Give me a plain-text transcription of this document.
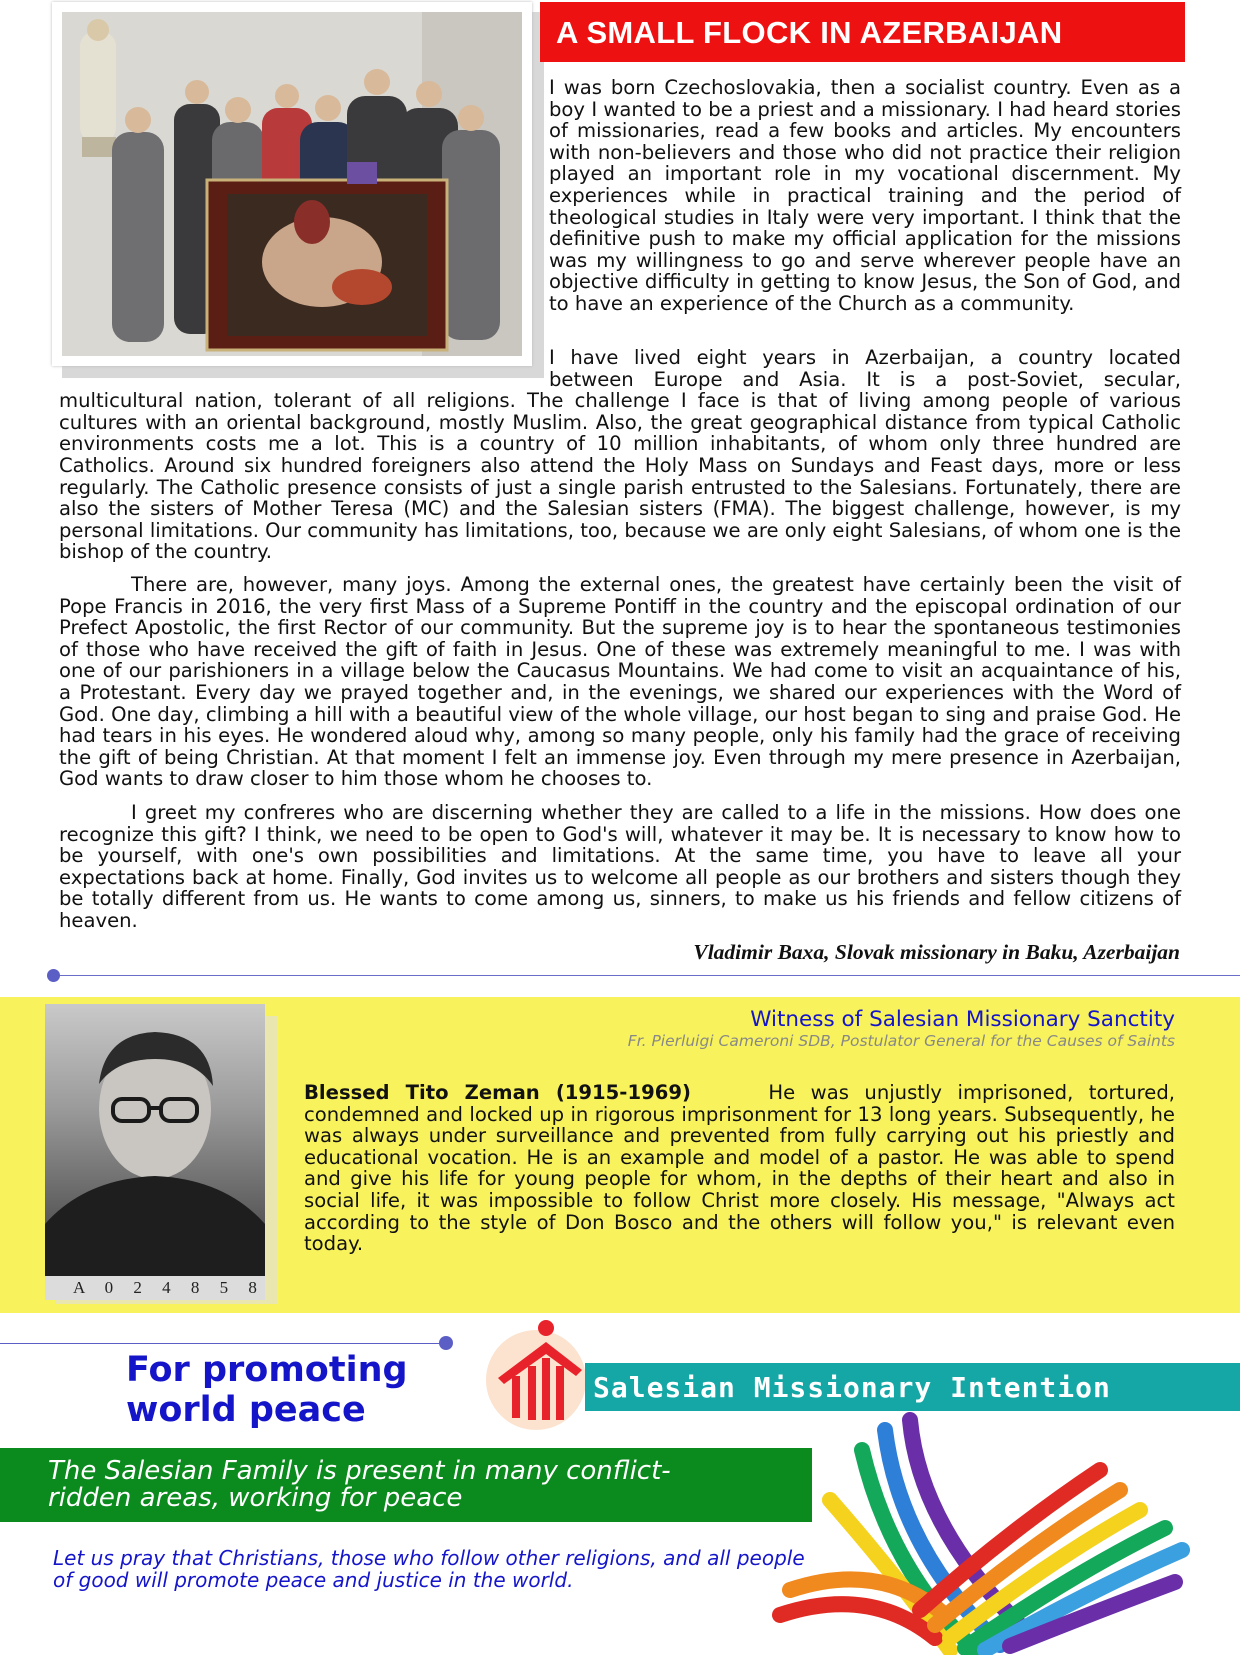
A SMALL FLOCK IN AZERBAIJAN

I was born Czechoslovakia, then a socialist country. Even as a boy I wanted to be a priest and a missionary. I had heard stories of missionaries, read a few books and articles. My encounters with non-believers and those who did not practice their religion played an important role in my vocational discernment. My experiences while in practical training and the period of theological studies in Italy were very important. I think that the definitive push to make my official application for the missions was my willingness to go and serve wherever people have an objective difficulty in getting to know Jesus, the Son of God, and to have an experience of the Church as a community.

I have lived eight years in Azerbaijan, a country located between Europe and Asia. It is a post-Soviet, secular, multicultural nation, tolerant of all religions. The challenge I face is that of living among people of various cultures with an oriental background, mostly Muslim. Also, the great geographical distance from typical Catholic environments costs me a lot. This is a country of 10 million inhabitants, of whom only three hundred are Catholics. Around six hundred foreigners also attend the Holy Mass on Sundays and Feast days, more or less regularly. The Catholic presence consists of just a single parish entrusted to the Salesians. Fortunately, there are also the sisters of Mother Teresa (MC) and the Salesian sisters (FMA). The biggest challenge, however, is my personal limitations. Our community has limitations, too, because we are only eight Salesians, of whom one is the bishop of the country.

There are, however, many joys. Among the external ones, the greatest have certainly been the visit of Pope Francis in 2016, the very first Mass of a Supreme Pontiff in the country and the episcopal ordination of our Prefect Apostolic, the first Rector of our community. But the supreme joy is to hear the spontaneous testimonies of those who have received the gift of faith in Jesus. One of these was extremely meaningful to me. I was with one of our parishioners in a village below the Caucasus Mountains. We had come to visit an acquaintance of his, a Protestant. Every day we prayed together and, in the evenings, we shared our experiences with the Word of God. One day, climbing a hill with a beautiful view of the whole village, our host began to sing and praise God. He had tears in his eyes. He wondered aloud why, among so many people, only his family had the grace of receiving the gift of being Christian. At that moment I felt an immense joy. Even through my mere presence in Azerbaijan, God wants to draw closer to him those whom he chooses to.

I greet my confreres who are discerning whether they are called to a life in the missions. How does one recognize this gift? I think, we need to be open to God's will, whatever it may be. It is necessary to know how to be yourself, with one's own possibilities and limitations. At the same time, you have to leave all your expectations back at home. Finally, God invites us to welcome all people as our brothers and sisters though they be totally different from us. He wants to come among us, sinners, to make us his friends and fellow citizens of heaven.

Vladimir Baxa, Slovak missionary in Baku, Azerbaijan
A 0 2 4 8 5 8
Witness of Salesian Missionary Sanctity
Fr. Pierluigi Cameroni SDB, Postulator General for the Causes of Saints

Blessed Tito Zeman (1915-1969)	He was unjustly imprisoned, tortured, condemned and locked up in rigorous imprisonment for 13 long years. Subsequently, he was always under surveillance and prevented from fully carrying out his priestly and educational vocation. He is an example and model of a pastor. He was able to spend and give his life for young people for whom, in the depths of their heart and also in social life, it was impossible to follow Christ more closely. His message, "Always act according to the style of Don Bosco and the others will follow you," is relevant even today.

For promoting world peace
Salesian Missionary Intention
The Salesian Family is present in many conflict-ridden areas, working for peace
Let us pray that Christians, those who follow other religions, and all people of good will promote peace and justice in the world.
